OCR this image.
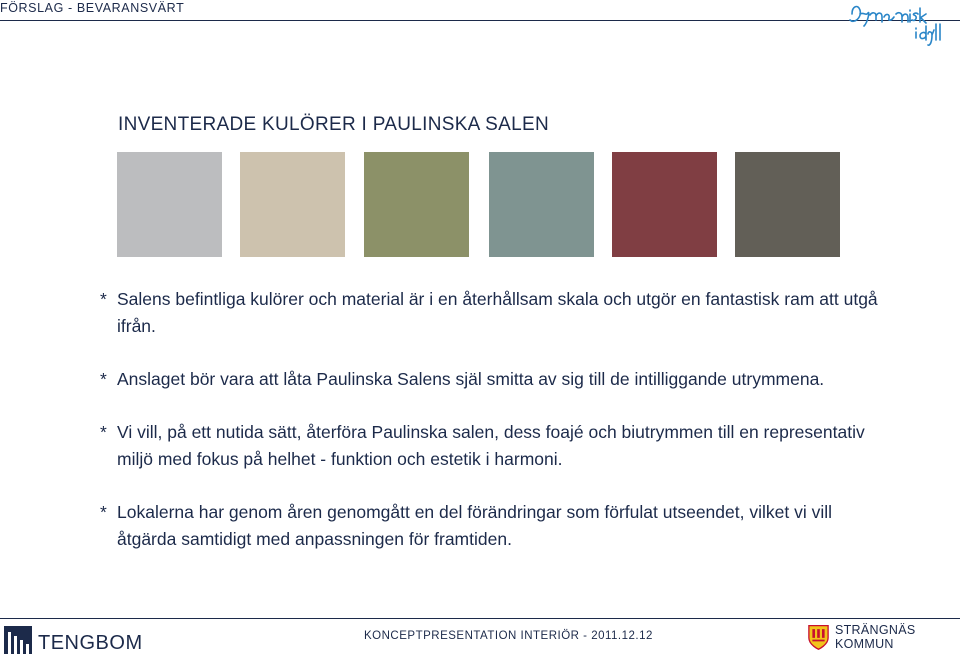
FÖRSLAG - BEVARANSVÄRT
INVENTERADE KULÖRER I PAULINSKA SALEN

* Salens befintliga kulörer och material är i en återhållsam skala och utgör en fantastisk ram att utgå ifrån.

* Anslaget bör vara att låta Paulinska Salens själ smitta av sig till de intilliggande utrymmena.

* Vi vill, på ett nutida sätt, återföra Paulinska salen, dess foajé och biutrymmen till en representativ miljö med fokus på helhet - funktion och estetik i harmoni.

* Lokalerna har genom åren genomgått en del förändringar som förfulat utseendet, vilket vi vill åtgärda samtidigt med anpassningen för framtiden.

TENGBOM	KONCEPTPRESENTATION INTERIÖR - 2011.12.12	STRÄNGNÄS KOMMUN
